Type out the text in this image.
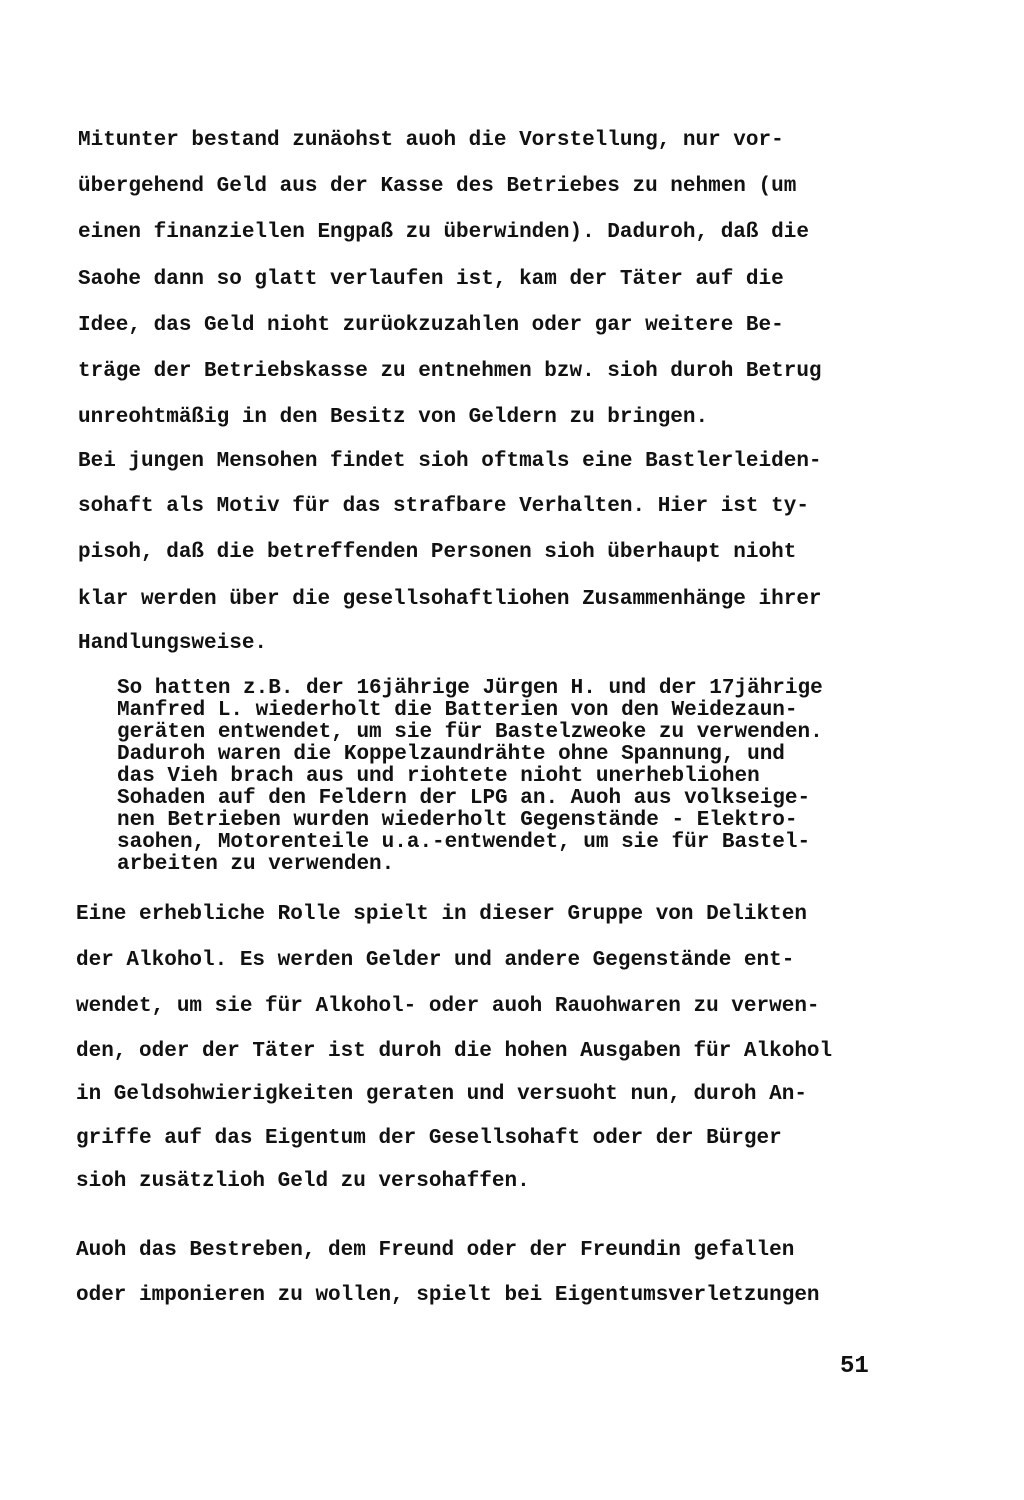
Mitunter bestand zunäohst auoh die Vorstellung, nur vor-
übergehend Geld aus der Kasse des Betriebes zu nehmen (um
einen finanziellen Engpaß zu überwinden). Daduroh, daß die
Saohe dann so glatt verlaufen ist, kam der Täter auf die
Idee, das Geld nioht zurüokzuzahlen oder gar weitere Be-
träge der Betriebskasse zu entnehmen bzw. sioh duroh Betrug
unreohtmäßig in den Besitz von Geldern zu bringen.
Bei jungen Mensohen findet sioh oftmals eine Bastlerleiden-
sohaft als Motiv für das strafbare Verhalten. Hier ist ty-
pisoh, daß die betreffenden Personen sioh überhaupt nioht
klar werden über die gesellsohaftliohen Zusammenhänge ihrer
Handlungsweise.
So hatten z.B. der 16jährige Jürgen H. und der 17jährige
Manfred L. wiederholt die Batterien von den Weidezaun-
geräten entwendet, um sie für Bastelzweoke zu verwenden.
Daduroh waren die Koppelzaundrähte ohne Spannung, und
das Vieh brach aus und riohtete nioht unerhebliohen
Sohaden auf den Feldern der LPG an. Auoh aus volkseige-
nen Betrieben wurden wiederholt Gegenstände - Elektro-
saohen, Motorenteile u.a.-entwendet, um sie für Bastel-
arbeiten zu verwenden.
Eine erhebliche Rolle spielt in dieser Gruppe von Delikten
der Alkohol. Es werden Gelder und andere Gegenstände ent-
wendet, um sie für Alkohol- oder auoh Rauohwaren zu verwen-
den, oder der Täter ist duroh die hohen Ausgaben für Alkohol
in Geldsohwierigkeiten geraten und versuoht nun, duroh An-
griffe auf das Eigentum der Gesellsohaft oder der Bürger
sioh zusätzlioh Geld zu versohaffen.
Auoh das Bestreben, dem Freund oder der Freundin gefallen
oder imponieren zu wollen, spielt bei Eigentumsverletzungen
51
